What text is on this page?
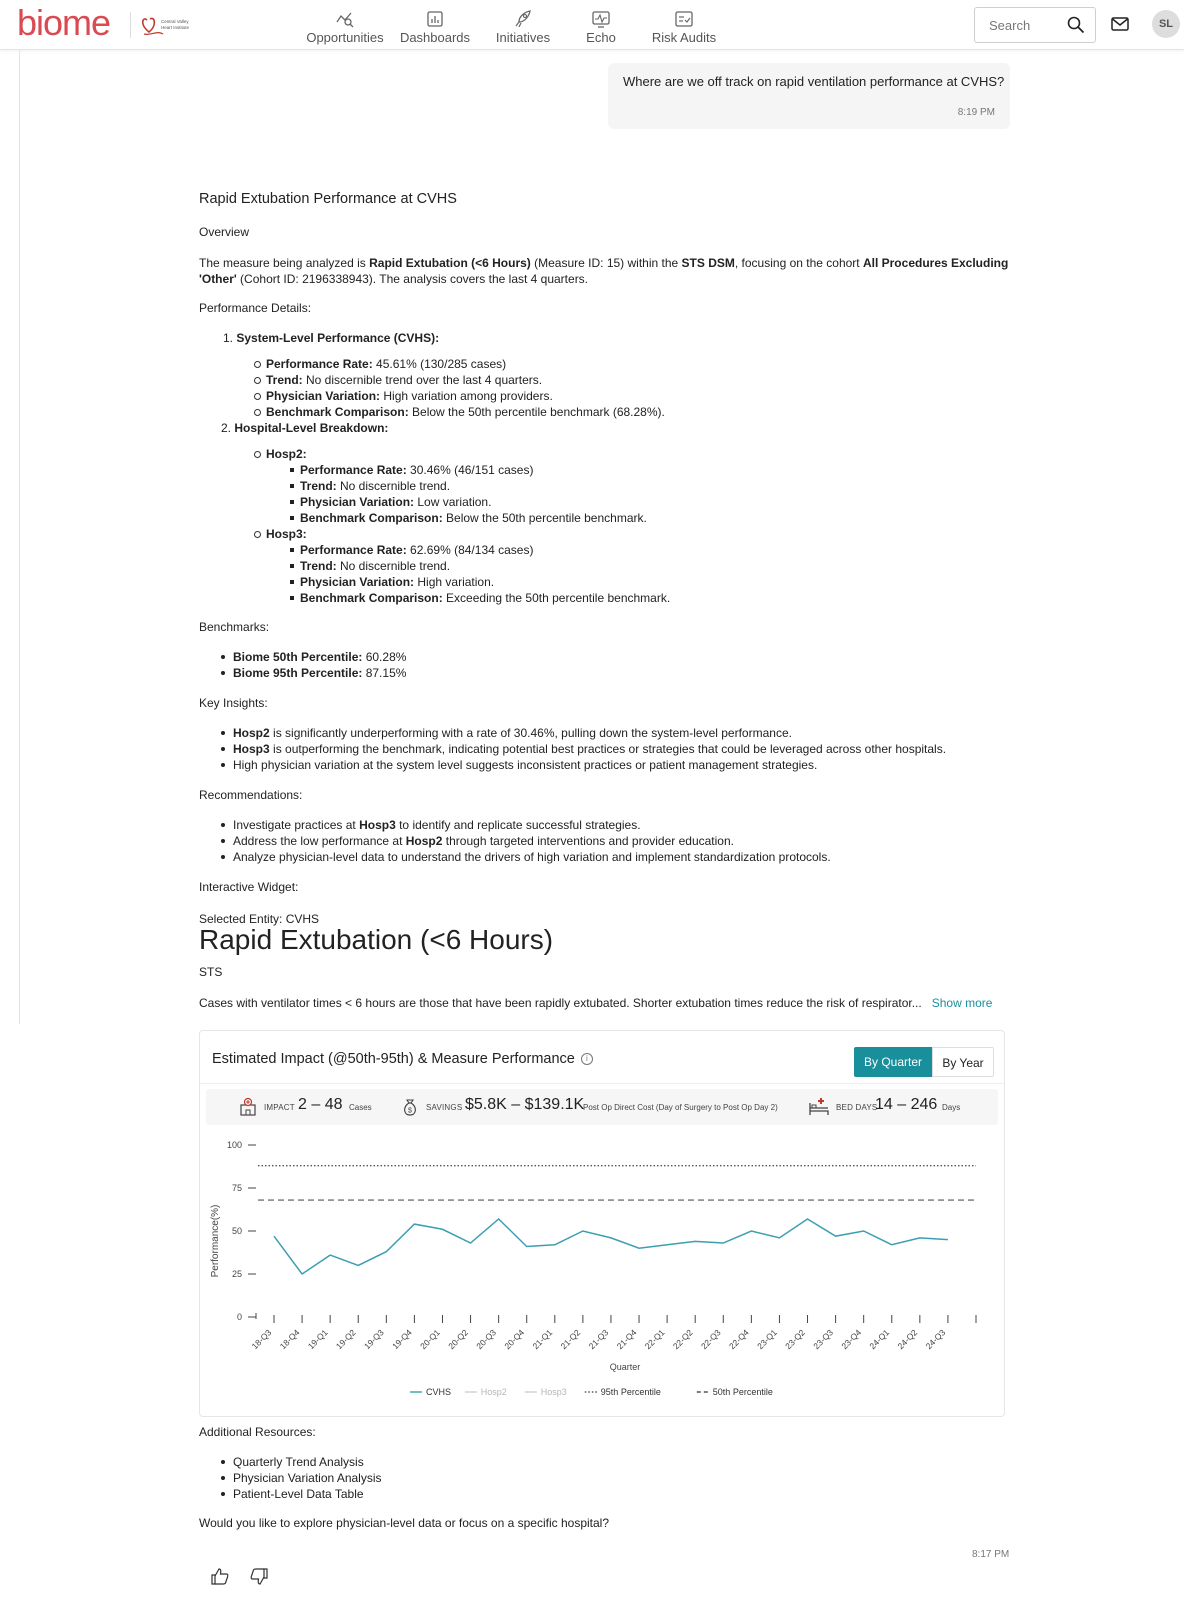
biome	Central Valley
Heart Institute
Opportunities	Dashboards	Initiatives	Echo	Risk Audits
Search
SL
Where are we off track on rapid ventilation performance at CVHS?
8:19 PM
Rapid Extubation Performance at CVHS
Overview
The measure being analyzed is Rapid Extubation (<6 Hours) (Measure ID: 15) within the STS DSM, focusing on the cohort All Procedures Excluding
'Other' (Cohort ID: 2196338943). The analysis covers the last 4 quarters.
Performance Details:
1. System-Level Performance (CVHS):
Performance Rate: 45.61% (130/285 cases)
Trend: No discernible trend over the last 4 quarters.
Physician Variation: High variation among providers.
Benchmark Comparison: Below the 50th percentile benchmark (68.28%).
2. Hospital-Level Breakdown:
Hosp2:
Performance Rate: 30.46% (46/151 cases)
Trend: No discernible trend.
Physician Variation: Low variation.
Benchmark Comparison: Below the 50th percentile benchmark.
Hosp3:
Performance Rate: 62.69% (84/134 cases)
Trend: No discernible trend.
Physician Variation: High variation.
Benchmark Comparison: Exceeding the 50th percentile benchmark.
Benchmarks:
Biome 50th Percentile: 60.28%
Biome 95th Percentile: 87.15%
Key Insights:
Hosp2 is significantly underperforming with a rate of 30.46%, pulling down the system-level performance.
Hosp3 is outperforming the benchmark, indicating potential best practices or strategies that could be leveraged across other hospitals.
High physician variation at the system level suggests inconsistent practices or patient management strategies.
Recommendations:
Investigate practices at Hosp3 to identify and replicate successful strategies.
Address the low performance at Hosp2 through targeted interventions and provider education.
Analyze physician-level data to understand the drivers of high variation and implement standardization protocols.
Interactive Widget:
Selected Entity: CVHS
Rapid Extubation (<6 Hours)
STS
Cases with ventilator times < 6 hours are those that have been rapidly extubated. Shorter extubation times reduce the risk of respirator... Show more
Additional Resources:
Quarterly Trend Analysis
Physician Variation Analysis
Patient-Level Data Table
Would you like to explore physician-level data or focus on a specific hospital?
8:17 PM
Estimated Impact (@50th-95th) & Measure Performance i	By Quarter	By Year
IMPACT 2 – 48 Cases	$ SAVINGS $5.8K – $139.1K
Post Op Direct Cost (Day of Surgery to Post Op Day 2)	BED DAYS
14 – 246 Days
0
25
50
75
100
Performance(%)
18-Q3 18-Q4 19-Q1 19-Q2 19-Q3 19-Q4 20-Q1 20-Q2 20-Q3 20-Q4 21-Q1 21-Q2 21-Q3 21-Q4 22-Q1 22-Q2 22-Q3 22-Q4 23-Q1 23-Q2 23-Q3 23-Q4 24-Q1 24-Q2 24-Q3
Quarter
CVHS	Hosp2	Hosp3	95th Percentile	50th Percentile
